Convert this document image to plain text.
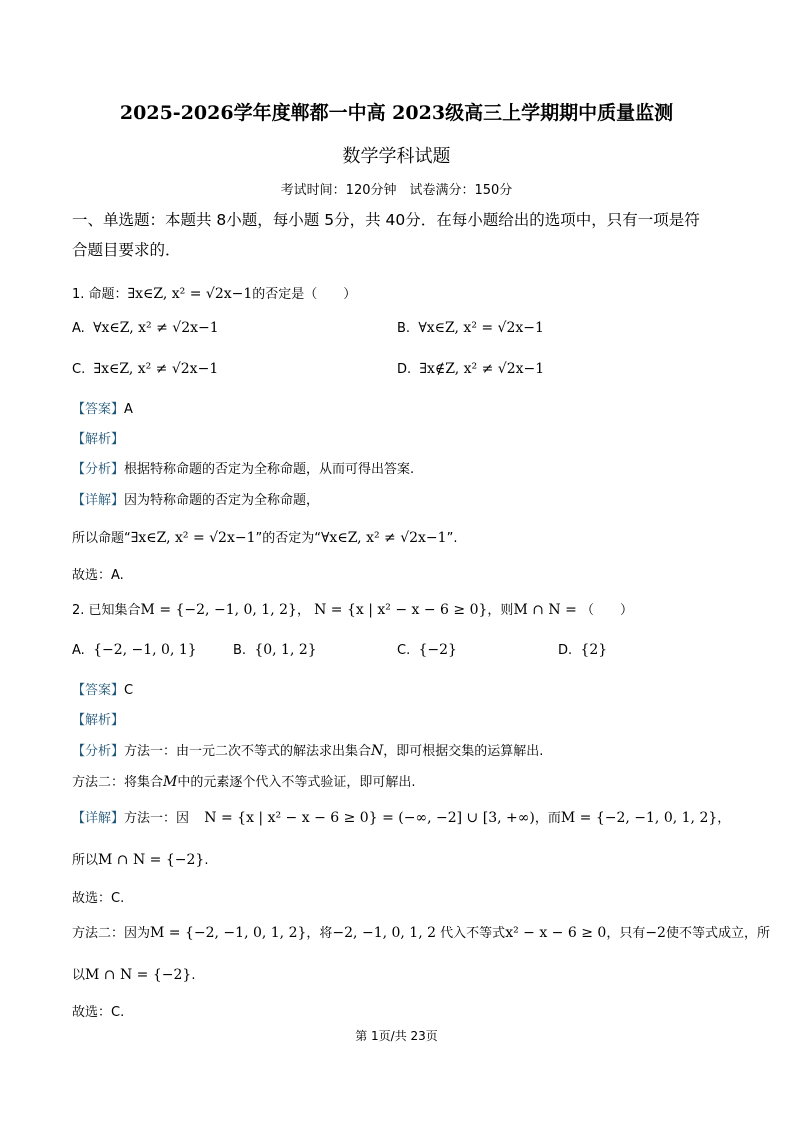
2025-2026学年度郸都一中高 2023级高三上学期期中质量监测
数学学科试题
考试时间：120分钟　试卷满分：150分
一、单选题：本题共 8小题，每小题 5分，共 40分．在每小题给出的选项中，只有一项是符
合题目要求的．
1. 命题：∃x∈Z, x² = √2x−1的否定是（　　）
A. ∀x∈Z, x² ≠ √2x−1	B. ∀x∈Z, x² = √2x−1
C. ∃x∈Z, x² ≠ √2x−1	D. ∃x∉Z, x² ≠ √2x−1
【答案】A
【解析】
【分析】根据特称命题的否定为全称命题，从而可得出答案.
【详解】因为特称命题的否定为全称命题，
所以命题“∃x∈Z, x² = √2x−1”的否定为“∀x∈Z, x² ≠ √2x−1”.
故选：A.
2. 已知集合M = {−2, −1, 0, 1, 2}， N = {x | x² − x − 6 ≥ 0}，则M ∩ N = （　　）
A. {−2, −1, 0, 1}	B. {0, 1, 2}	C. {−2}	D. {2}
【答案】C
【解析】
【分析】方法一：由一元二次不等式的解法求出集合N，即可根据交集的运算解出.
方法二：将集合M中的元素逐个代入不等式验证，即可解出.
【详解】方法一：因 N = {x | x² − x − 6 ≥ 0} = (−∞, −2] ∪ [3, +∞)，而M = {−2, −1, 0, 1, 2}，
所以M ∩ N = {−2}.
故选：C.
方法二：因为M = {−2, −1, 0, 1, 2}，将−2, −1, 0, 1, 2 代入不等式x² − x − 6 ≥ 0，只有−2使不等式成立，所
以M ∩ N = {−2}.
故选：C.
第 1页/共 23页
